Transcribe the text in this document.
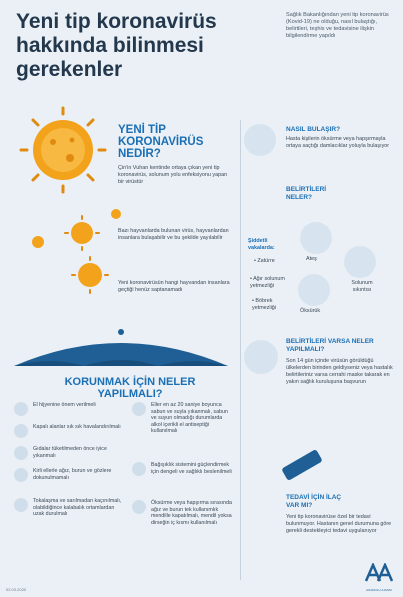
Yeni tip koronavirüs hakkında bilinmesi gerekenler
Sağlık Bakanlığından yeni tip koronavirüs (Kovid-19) ne olduğu, nasıl bulaştığı, belirtileri, teşhis ve tedavisine ilişkin bilgilendirme yapıldı
YENİ TİP KORONAVİRÜS NEDİR?
Çin'in Vuhan kentinde ortaya çıkan yeni tip koronavirüs, solunum yolu enfeksiyonu yapan bir virüstür
Bazı hayvanlarda bulunan virüs, hayvanlardan insanlara bulaşabilir ve bu şekilde yayılabilir
Yeni koronavirüsün hangi hayvandan insanlara geçtiği henüz saptanamadı
KORUNMAK İÇİN NELER YAPILMALI?
El hijyenine önem verilmeli
Kapalı alanlar sık sık havalandırılmalı
Gıdalar tüketilmeden önce iyice yıkanmalı
Kirli ellerle ağız, burun ve gözlere dokunulmamalı
Tokalaşma ve sarılmadan kaçınılmalı, olabildiğince kalabalık ortamlardan uzak durulmalı
Eller en az 20 saniye boyunca sabun ve suyla yıkanmalı, sabun ve suyun olmadığı durumlarda alkol içerikli el antiseptiği kullanılmalı
Bağışıklık sistemini güçlendirmek için dengeli ve sağlıklı beslenilmeli
Öksürme veya hapşırma sırasında ağız ve burun tek kullanımlık mendille kapatılmalı, mendil yoksa dirseğin iç kısmı kullanılmalı
NASIL BULAŞIR?
Hasta kişilerin öksürme veya hapşırmayla ortaya saçtığı damlacıklar yoluyla bulaşıyor
BELİRTİLERİ NELER?
Şiddetli vakalarda:
• Zatürre
• Ağır solunum yetmezliği
• Böbrek yetmezliği
Ateş
Solunum sıkıntısı
Öksürük
BELİRTİLERİ VARSA NELER YAPILMALI?
Son 14 gün içinde virüsün görüldüğü ülkelerden birinden geldiyseniz veya hastalık belirtileriniz varsa cerrahi maske takarak en yakın sağlık kuruluşuna başvurun
TEDAVİ İÇİN İLAÇ VAR MI?
Yeni tip koronavirüse özel bir tedavi bulunmuyor. Hastanın genel durumuna göre gerekli destekleyici tedavi uygulanıyor
ANADOLU AJANSI
02.03.2020
